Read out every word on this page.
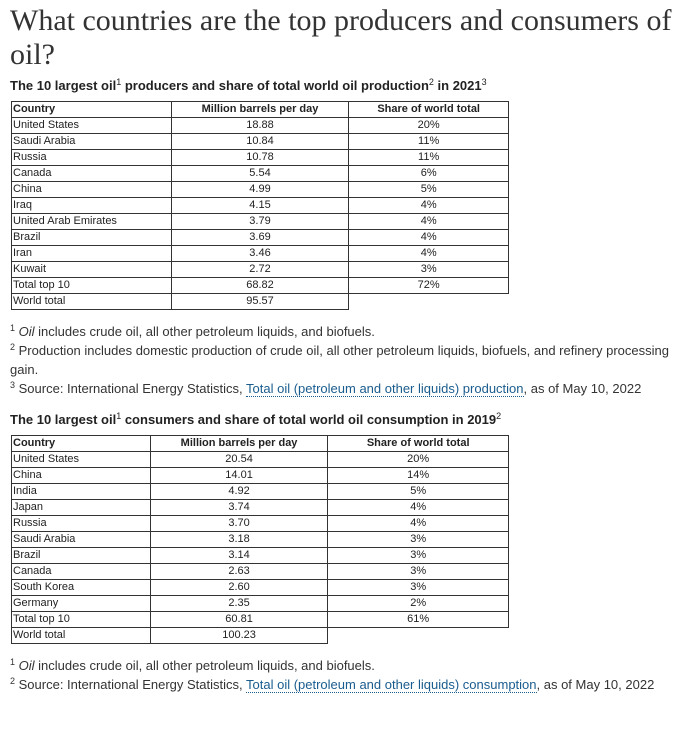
What countries are the top producers and consumers of oil?
The 10 largest oil$^1$ producers and share of total world oil production$^2$ in 2021$^3$
Country	Million barrels per day	Share of world total
United States	18.88	20%
Saudi Arabia	10.84	11%
Russia	10.78	11%
Canada	5.54	6%
China	4.99	5%
Iraq	4.15	4%
United Arab Emirates	3.79	4%
Brazil	3.69	4%
Iran	3.46	4%
Kuwait	2.72	3%
Total top 10	68.82	72%
World total	95.57	

$^1$ Oil includes crude oil, all other petroleum liquids, and biofuels.

$^2$ Production includes domestic production of crude oil, all other petroleum liquids, biofuels, and refinery processing gain.

$^3$ Source: International Energy Statistics, Total oil (petroleum and other liquids) production, as of May 10, 2022

The 10 largest oil$^1$ consumers and share of total world oil consumption in 2019$^2$
Country	Million barrels per day	Share of world total
United States	20.54	20%
China	14.01	14%
India	4.92	5%
Japan	3.74	4%
Russia	3.70	4%
Saudi Arabia	3.18	3%
Brazil	3.14	3%
Canada	2.63	3%
South Korea	2.60	3%
Germany	2.35	2%
Total top 10	60.81	61%
World total	100.23	

$^1$ Oil includes crude oil, all other petroleum liquids, and biofuels.

$^2$ Source: International Energy Statistics, Total oil (petroleum and other liquids) consumption, as of May 10, 2022
